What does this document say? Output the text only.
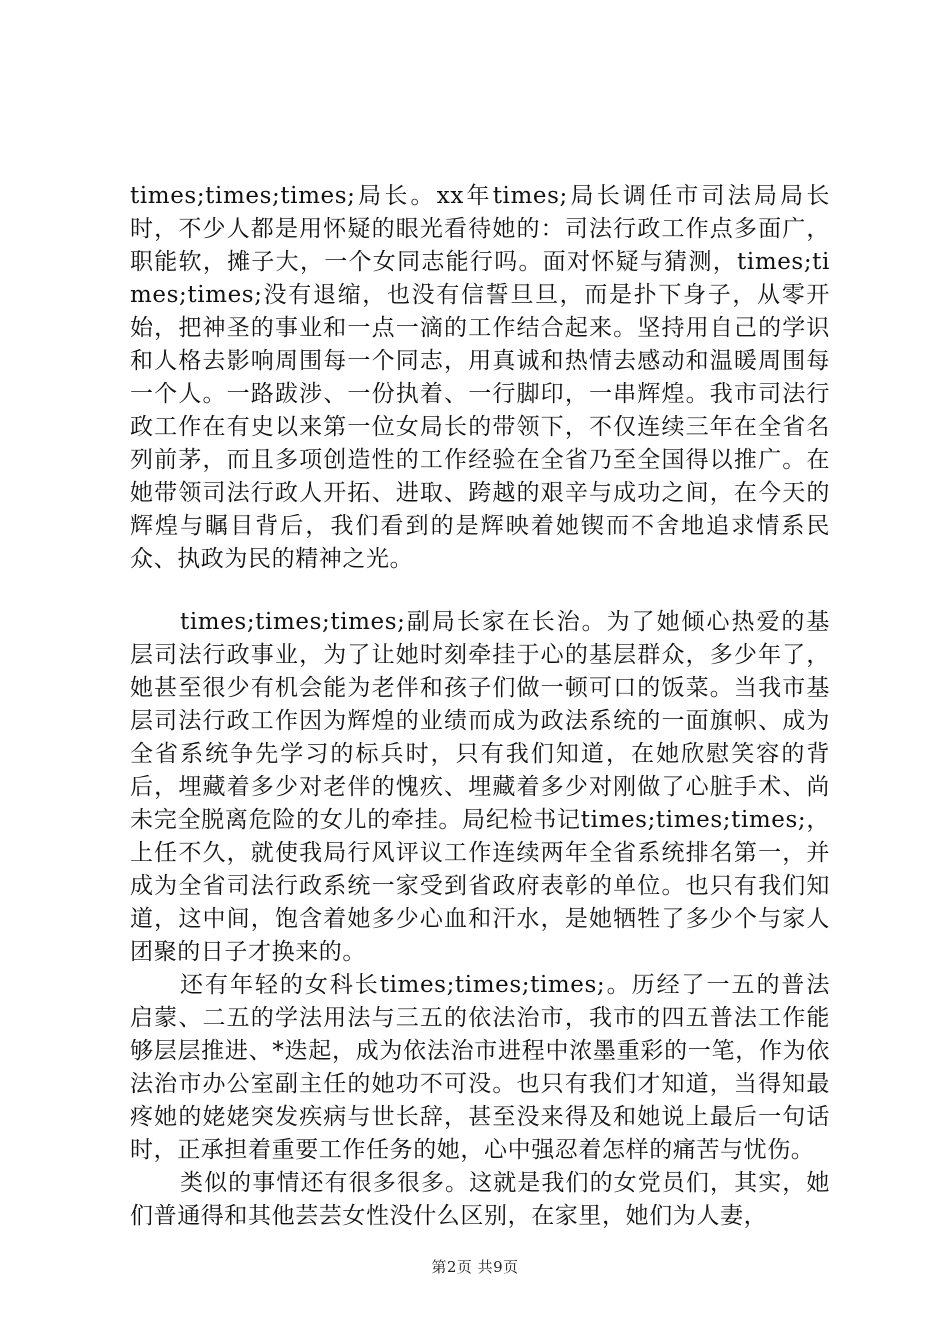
times;times;times;局长。xx年times;局长调任市司法局局长时，不少人都是用怀疑的眼光看待她的：司法行政工作点多面广，职能软，摊子大，一个女同志能行吗。面对怀疑与猜测，times;times;times;没有退缩，也没有信誓旦旦，而是扑下身子，从零开始，把神圣的事业和一点一滴的工作结合起来。坚持用自己的学识和人格去影响周围每一个同志，用真诚和热情去感动和温暖周围每一个人。一路跋涉、一份执着、一行脚印，一串辉煌。我市司法行政工作在有史以来第一位女局长的带领下，不仅连续三年在全省名列前茅，而且多项创造性的工作经验在全省乃至全国得以推广。在她带领司法行政人开拓、进取、跨越的艰辛与成功之间，在今天的辉煌与瞩目背后，我们看到的是辉映着她锲而不舍地追求情系民众、执政为民的精神之光。

times;times;times;副局长家在长治。为了她倾心热爱的基层司法行政事业，为了让她时刻牵挂于心的基层群众，多少年了，她甚至很少有机会能为老伴和孩子们做一顿可口的饭菜。当我市基层司法行政工作因为辉煌的业绩而成为政法系统的一面旗帜、成为全省系统争先学习的标兵时，只有我们知道，在她欣慰笑容的背后，埋藏着多少对老伴的愧疚、埋藏着多少对刚做了心脏手术、尚未完全脱离危险的女儿的牵挂。局纪检书记times;times;times;，上任不久，就使我局行风评议工作连续两年全省系统排名第一，并成为全省司法行政系统一家受到省政府表彰的单位。也只有我们知道，这中间，饱含着她多少心血和汗水，是她牺牲了多少个与家人团聚的日子才换来的。

还有年轻的女科长times;times;times;。历经了一五的普法启蒙、二五的学法用法与三五的依法治市，我市的四五普法工作能够层层推进、*迭起，成为依法治市进程中浓墨重彩的一笔，作为依法治市办公室副主任的她功不可没。也只有我们才知道，当得知最疼她的姥姥突发疾病与世长辞，甚至没来得及和她说上最后一句话时，正承担着重要工作任务的她，心中强忍着怎样的痛苦与忧伤。

类似的事情还有很多很多。这就是我们的女党员们，其实，她们普通得和其他芸芸女性没什么区别，在家里，她们为人妻，

第2页 共9页
